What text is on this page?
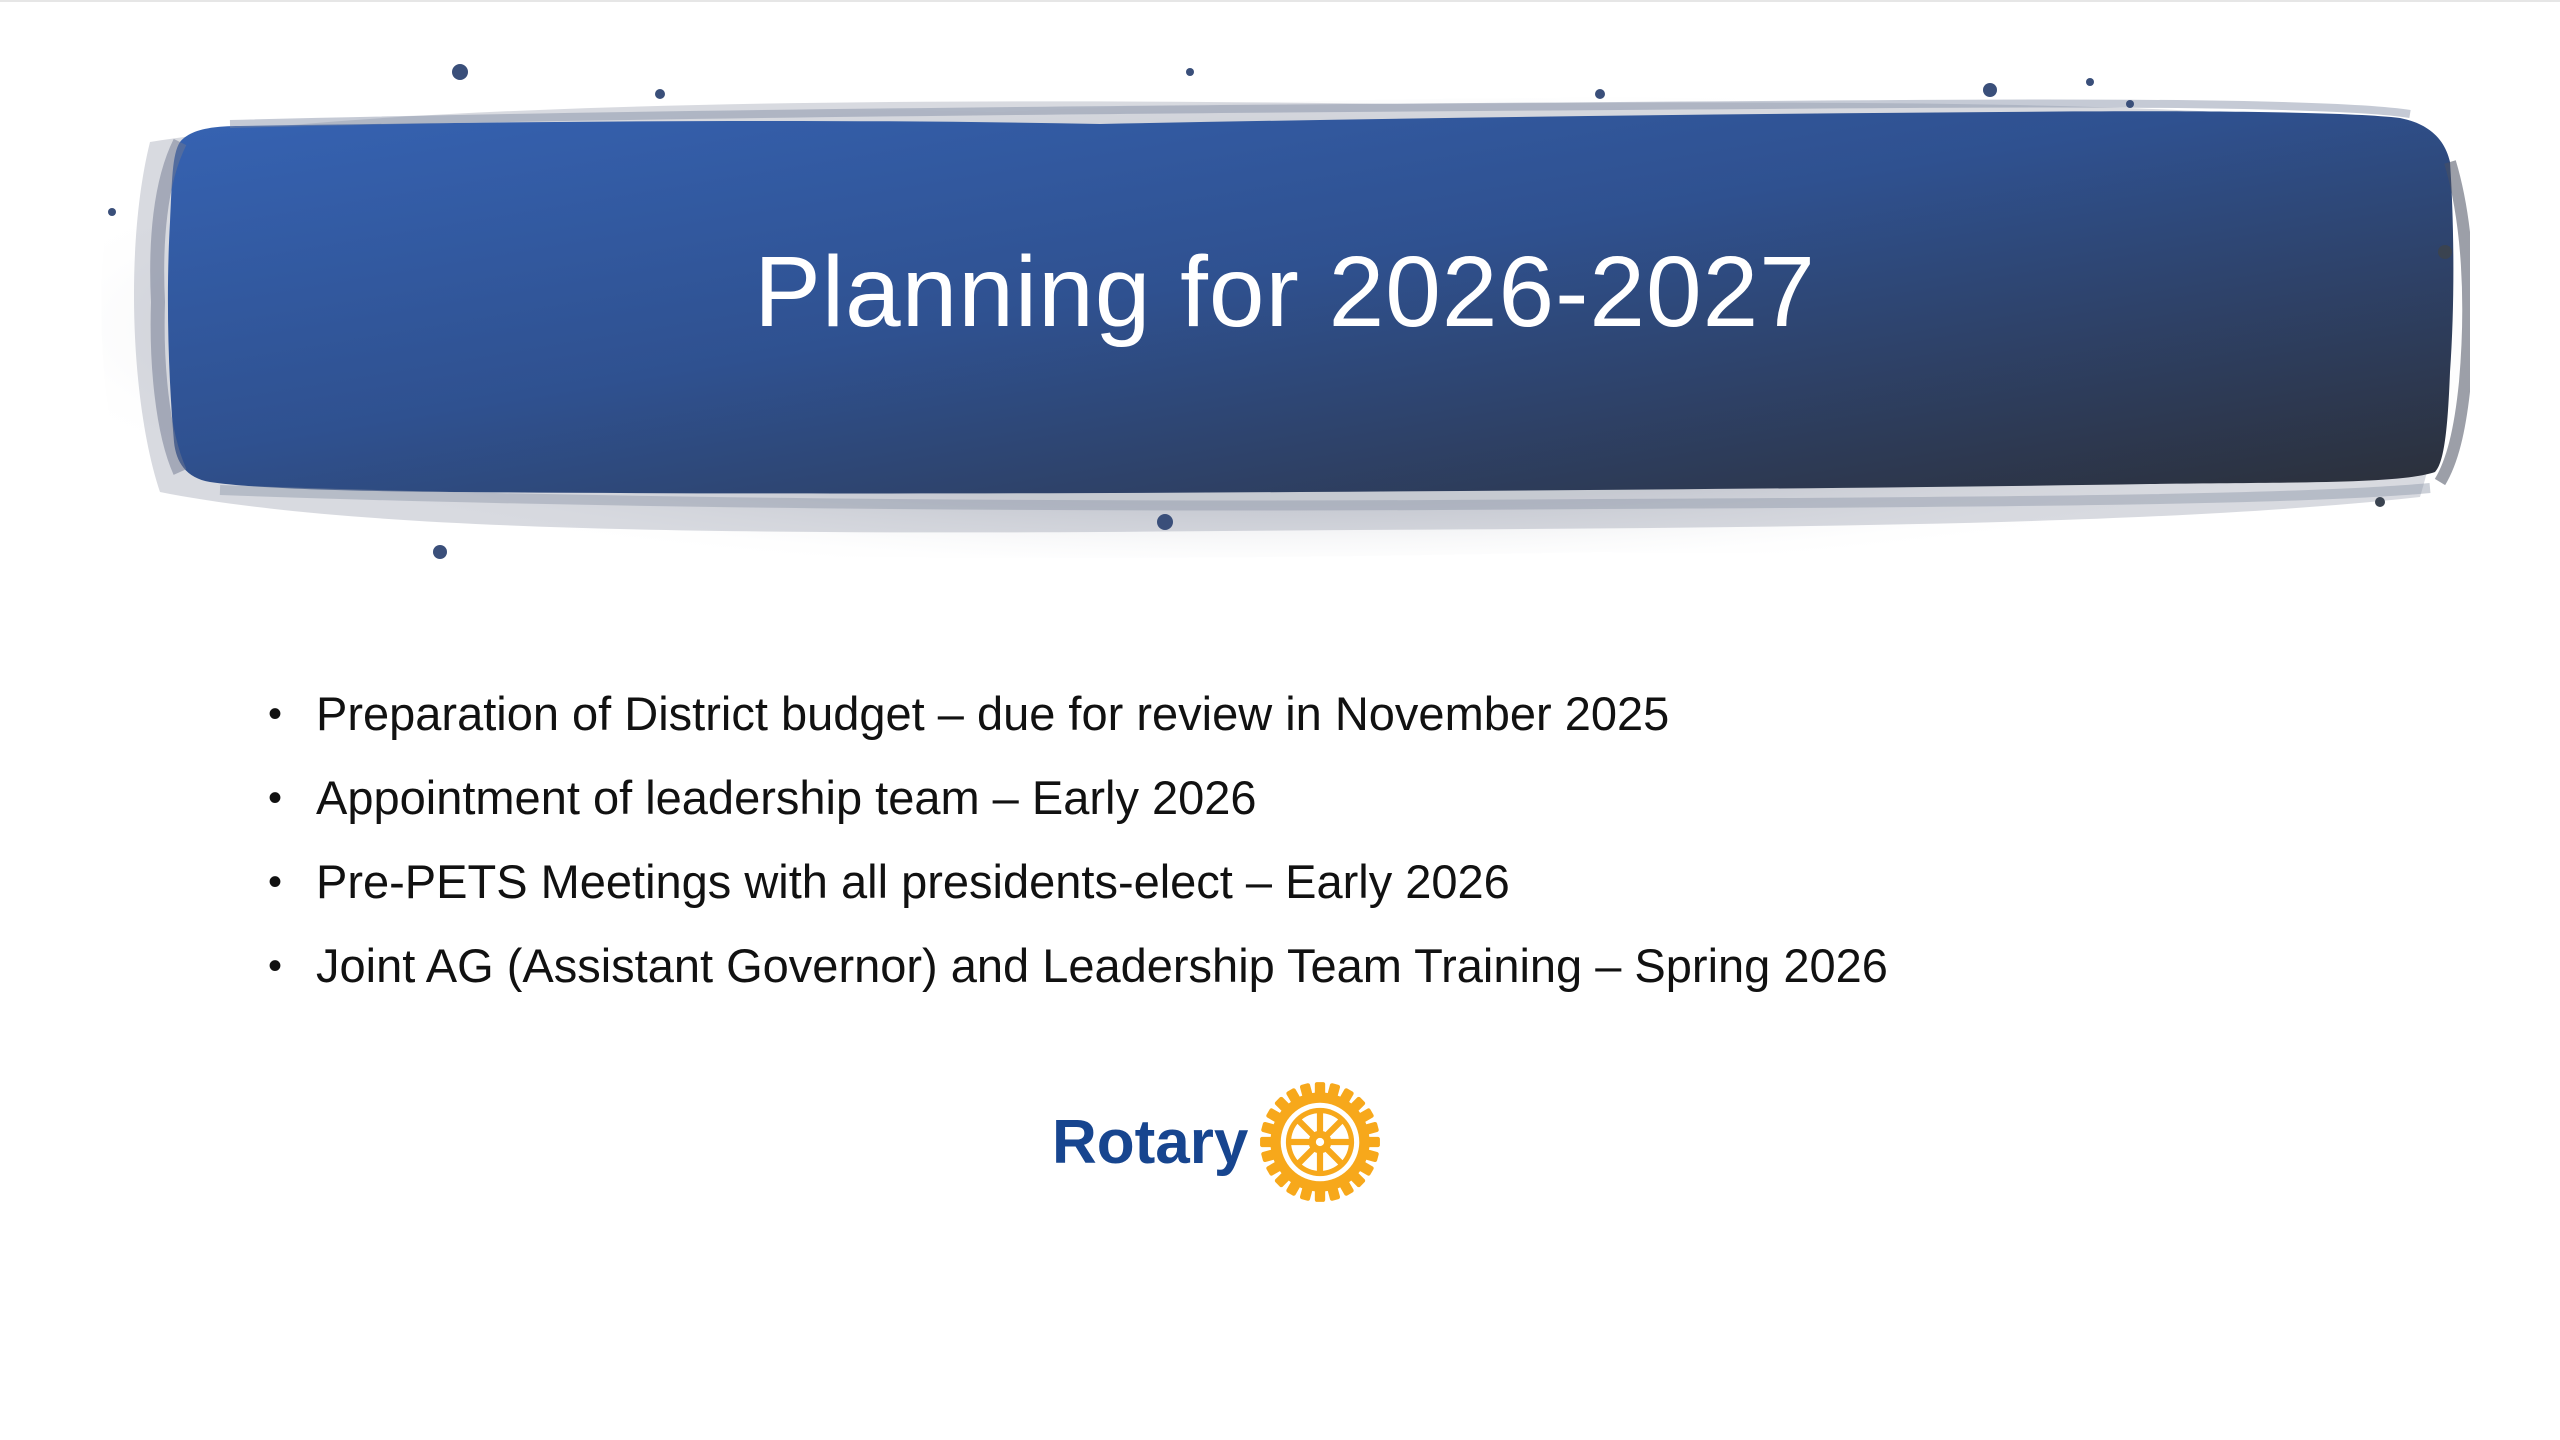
Planning for 2026-2027
• Preparation of District budget – due for review in November 2025
• Appointment of leadership team – Early 2026
• Pre-PETS Meetings with all presidents-elect – Early 2026
• Joint AG (Assistant Governor) and Leadership Team Training – Spring 2026
Rotary
